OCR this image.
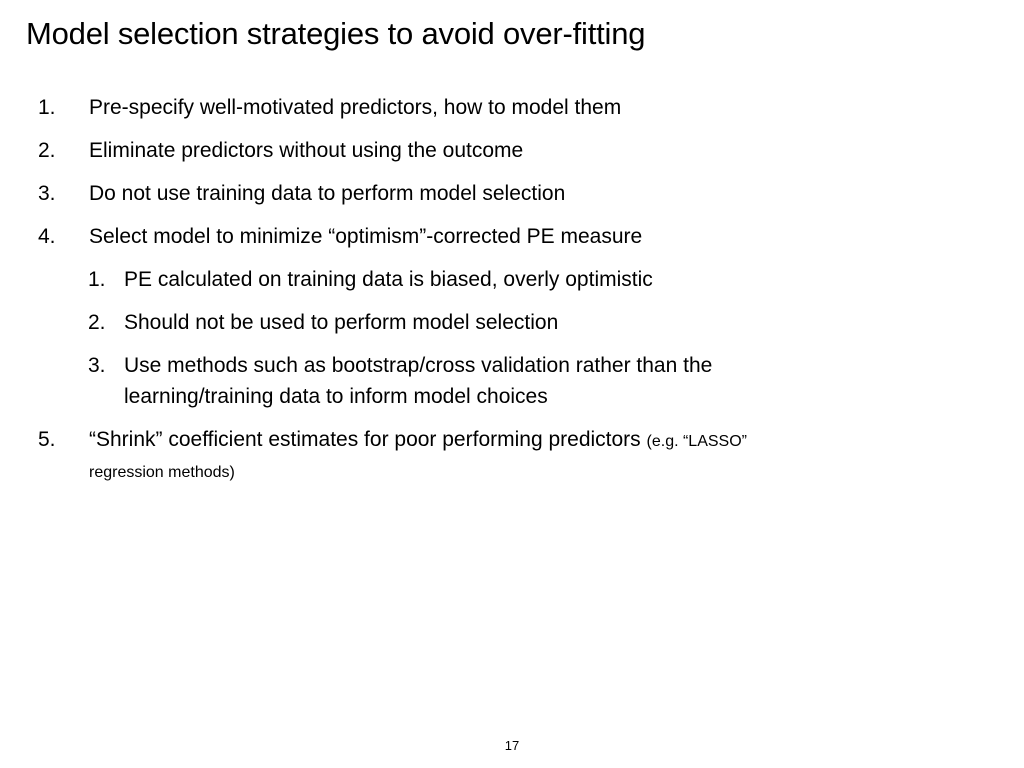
Model selection strategies to avoid over-fitting
1. Pre-specify well-motivated predictors, how to model them
2. Eliminate predictors without using the outcome
3. Do not use training data to perform model selection
4. Select model to minimize “optimism”-corrected PE measure
1. PE calculated on training data is biased, overly optimistic
2. Should not be used to perform model selection
3. Use methods such as bootstrap/cross validation rather than the learning/training data to inform model choices
5. “Shrink” coefficient estimates for poor performing predictors (e.g. “LASSO” regression methods)
17
